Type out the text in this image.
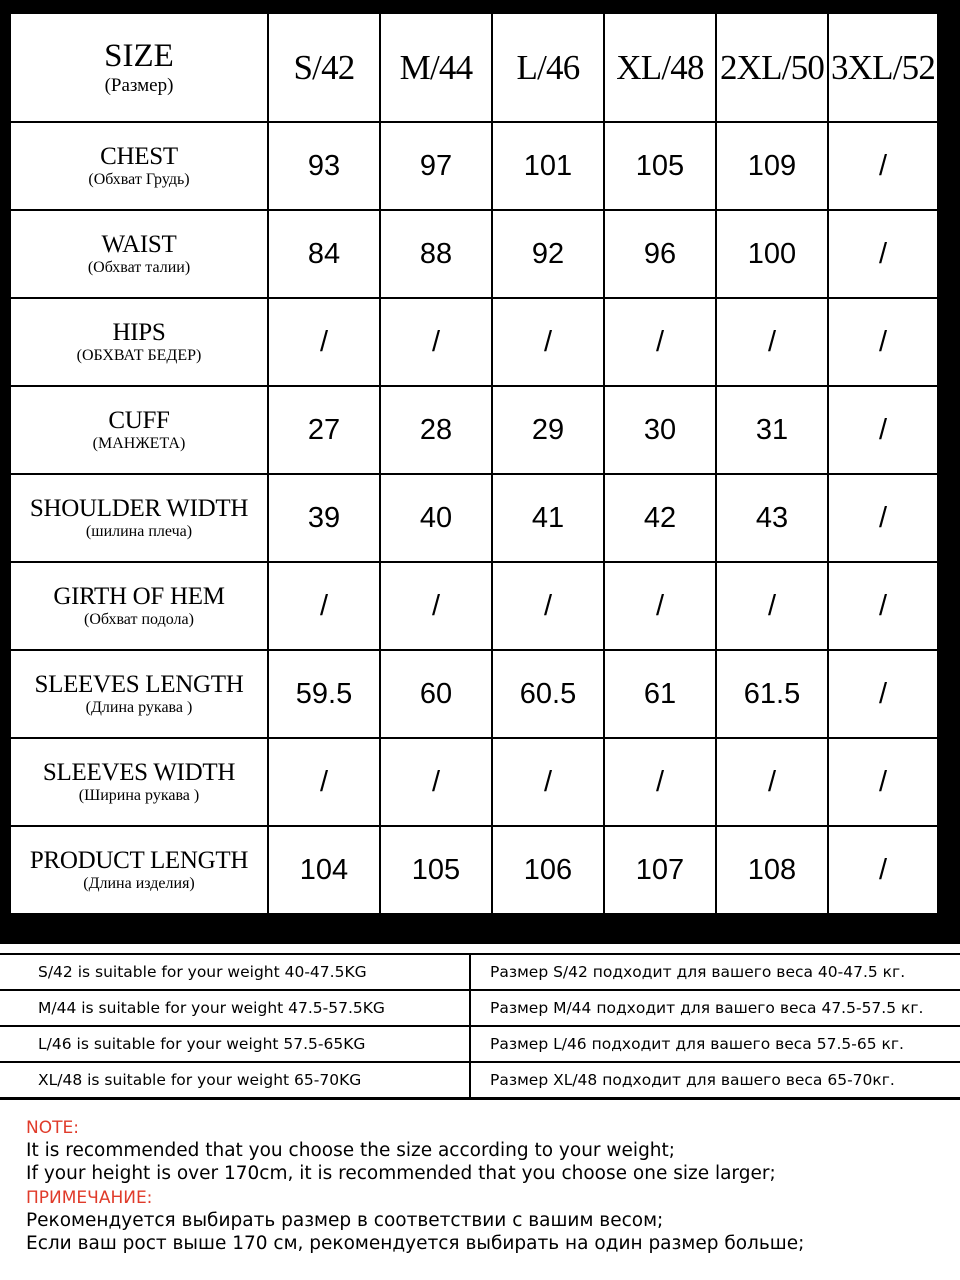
SIZE
(Размер)	S/42	M/44	L/46	XL/48	2XL/50	3XL/52

CHEST
(Обхват Грудь)	93	97	101	105	109	/

WAIST
(Обхват талии)	84	88	92	96	100	/

HIPS
(ОБХВАТ БЕДЕР)	/	/	/	/	/	/

CUFF
(МАНЖЕТА)	27	28	29	30	31	/

SHOULDER WIDTH
(шилина плеча)	39	40	41	42	43	/

GIRTH OF HEM
(Обхват подола)	/	/	/	/	/	/

SLEEVES LENGTH
(Длина рукава )	59.5	60	60.5	61	61.5	/

SLEEVES WIDTH
(Ширина рукава )	/	/	/	/	/	/

PRODUCT LENGTH
(Длина изделия)	104	105	106	107	108	/
S/42 is suitable for your weight 40-47.5KG	Размер S/42 подходит для вашего веса 40-47.5 кг.
M/44 is suitable for your weight 47.5-57.5KG	Размер M/44 подходит для вашего веса 47.5-57.5 кг.
L/46 is suitable for your weight 57.5-65KG	Размер L/46 подходит для вашего веса 57.5-65 кг.
XL/48 is suitable for your weight 65-70KG	Размер XL/48 подходит для вашего веса 65-70кг.
NOTE:
It is recommended that you choose the size according to your weight;
If your height is over 170cm, it is recommended that you choose one size larger;
ПРИМЕЧАНИЕ:
Рекомендуется выбирать размер в соответствии с вашим весом;
Если ваш рост выше 170 см, рекомендуется выбирать на один размер больше;
